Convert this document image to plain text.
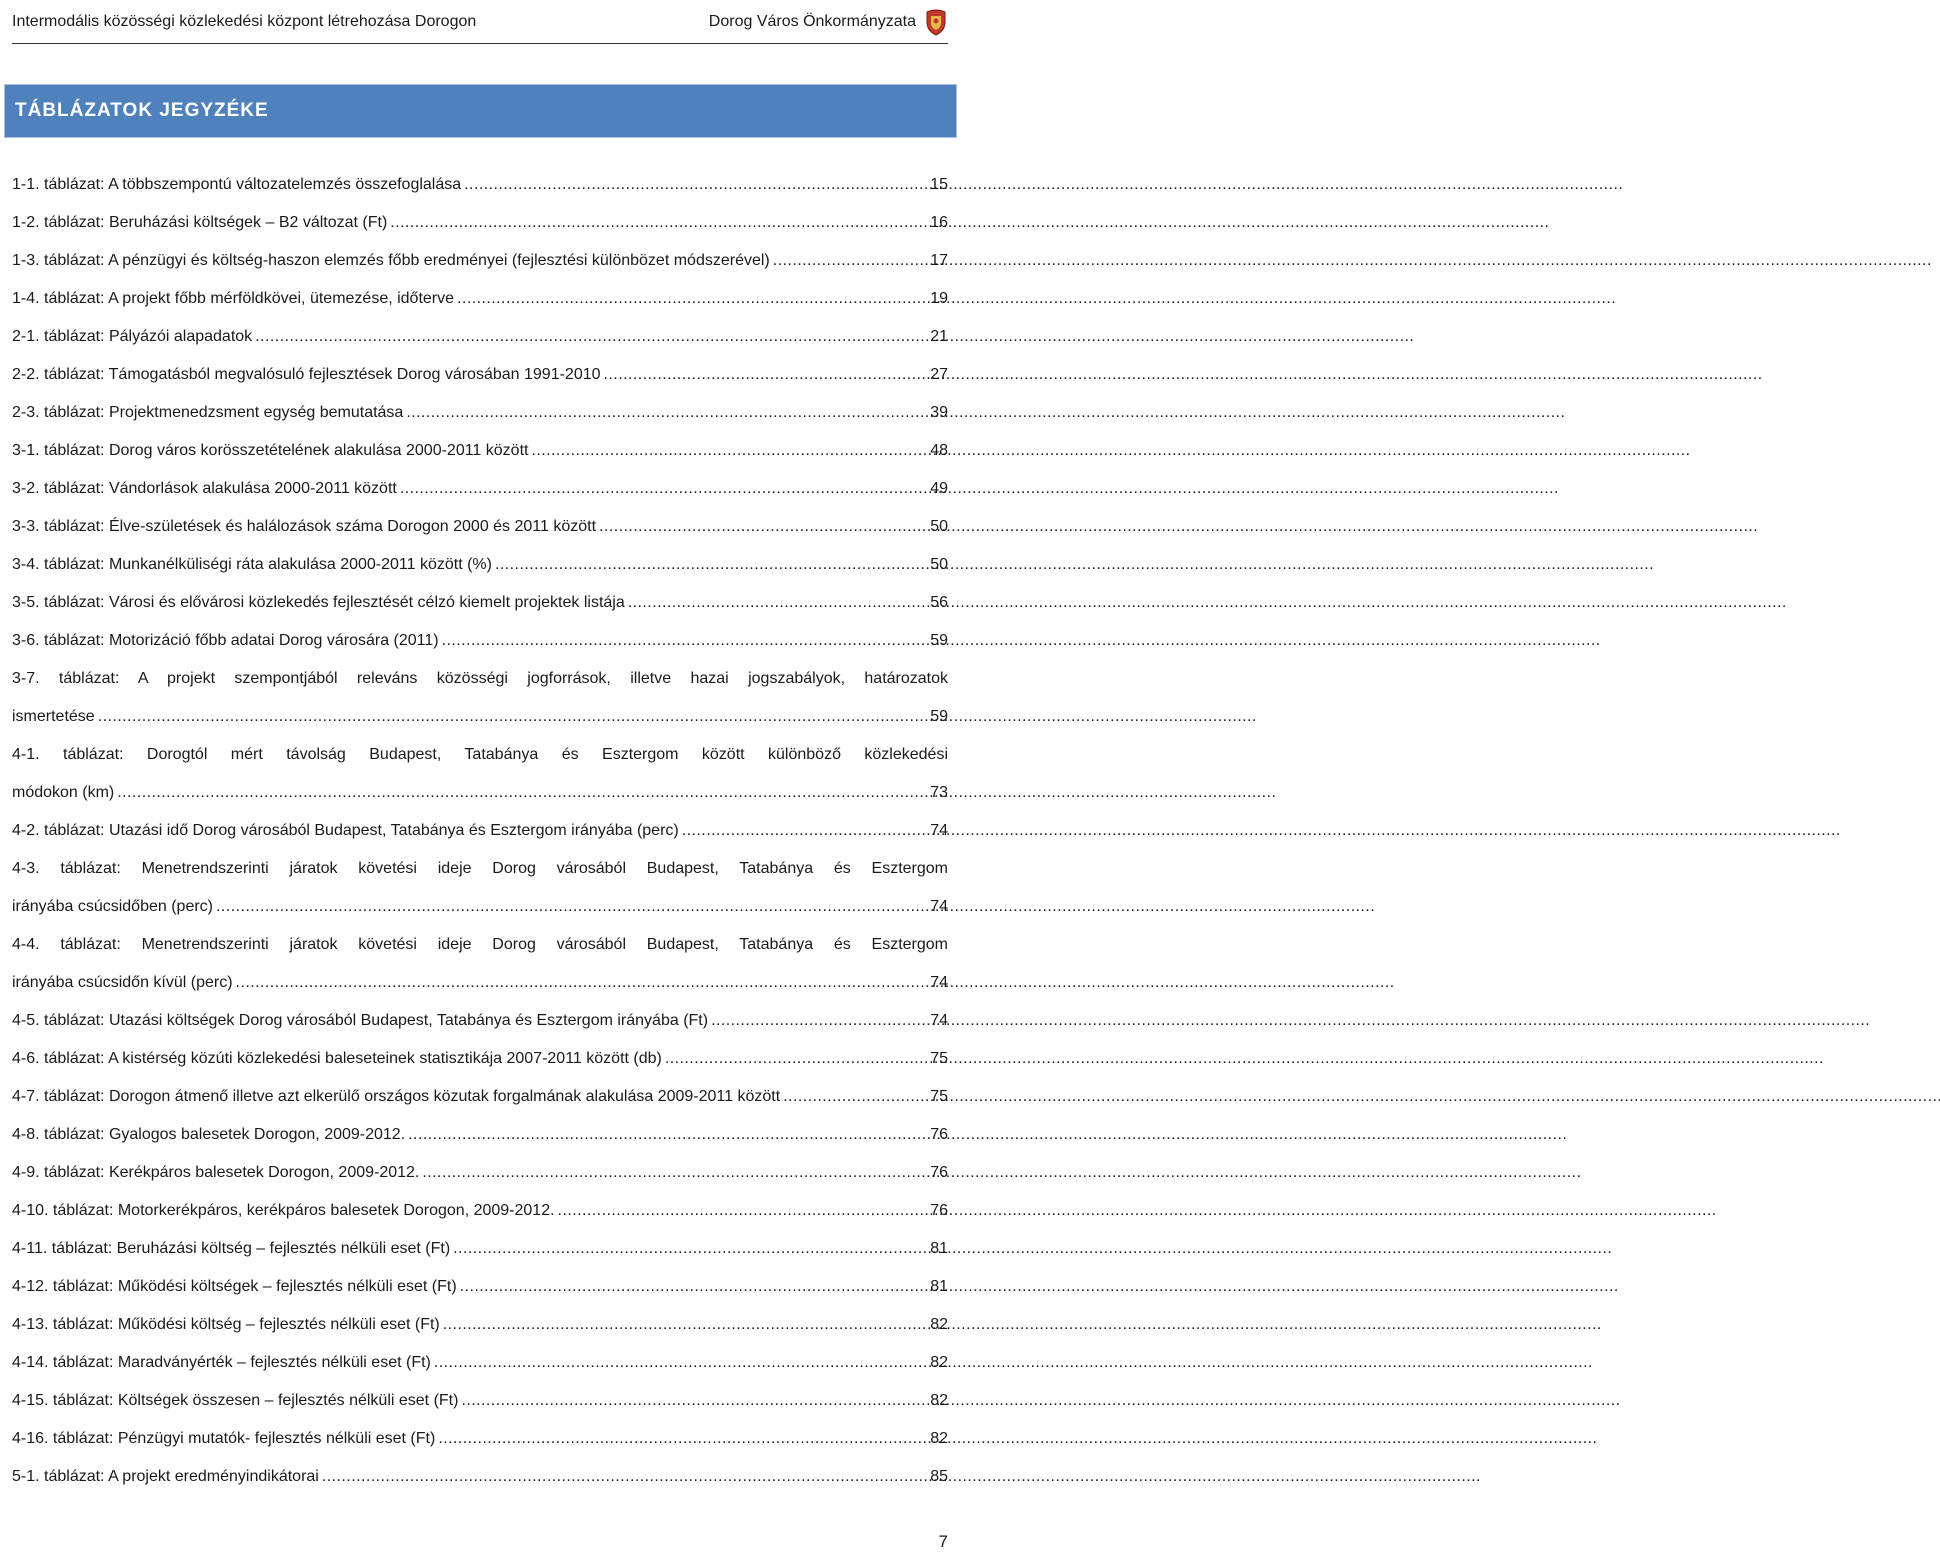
Intermodális közösségi közlekedési központ létrehozása Dorogon	Dorog Város Önkormányzata
TÁBLÁZATOK JEGYZÉKE
1-1. táblázat: A többszempontú változatelemzés összefoglalása . . .	15
1-2. táblázat: Beruházási költségek – B2 változat (Ft) . . .	16
1-3. táblázat: A pénzügyi és költség-haszon elemzés főbb eredményei (fejlesztési különbözet módszerével) . . .	17
1-4. táblázat: A projekt főbb mérföldkövei, ütemezése, időterve . . .	19
2-1. táblázat: Pályázói alapadatok . . .	21
2-2. táblázat: Támogatásból megvalósuló fejlesztések Dorog városában 1991-2010 . . .	27
2-3. táblázat: Projektmenedzsment egység bemutatása . . .	39
3-1. táblázat: Dorog város korösszetételének alakulása 2000-2011 között . . .	48
3-2. táblázat: Vándorlások alakulása 2000-2011 között . . .	49
3-3. táblázat: Élve-születések és halálozások száma Dorogon 2000 és 2011 között . . .	50
3-4. táblázat: Munkanélküliségi ráta alakulása 2000-2011 között (%) . . .	50
3-5. táblázat: Városi és elővárosi közlekedés fejlesztését célzó kiemelt projektek listája . . .	56
3-6. táblázat: Motorizáció főbb adatai Dorog városára (2011) . . .	59
3-7. táblázat: A projekt szempontjából releváns közösségi jogforrások, illetve hazai jogszabályok, határozatok
ismertetése . . .	59
4-1. táblázat: Dorogtól mért távolság Budapest, Tatabánya és Esztergom között különböző közlekedési
módokon (km) . . .	73
4-2. táblázat: Utazási idő Dorog városából Budapest, Tatabánya és Esztergom irányába (perc) . . .	74
4-3. táblázat: Menetrendszerinti járatok követési ideje Dorog városából Budapest, Tatabánya és Esztergom
irányába csúcsidőben (perc) . . .	74
4-4. táblázat: Menetrendszerinti járatok követési ideje Dorog városából Budapest, Tatabánya és Esztergom
irányába csúcsidőn kívül (perc) . . .	74
4-5. táblázat: Utazási költségek Dorog városából Budapest, Tatabánya és Esztergom irányába (Ft) . . .	74
4-6. táblázat: A kistérség közúti közlekedési baleseteinek statisztikája 2007-2011 között (db) . . .	75
4-7. táblázat: Dorogon átmenő illetve azt elkerülő országos közutak forgalmának alakulása 2009-2011 között . . .	75
4-8. táblázat: Gyalogos balesetek Dorogon, 2009-2012. . . .	76
4-9. táblázat: Kerékpáros balesetek Dorogon, 2009-2012. . . .	76
4-10. táblázat: Motorkerékpáros, kerékpáros balesetek Dorogon, 2009-2012. . . .	76
4-11. táblázat: Beruházási költség – fejlesztés nélküli eset (Ft) . . .	81
4-12. táblázat: Működési költségek – fejlesztés nélküli eset (Ft) . . .	81
4-13. táblázat: Működési költség – fejlesztés nélküli eset (Ft) . . .	82
4-14. táblázat: Maradványérték – fejlesztés nélküli eset (Ft) . . .	82
4-15. táblázat: Költségek összesen – fejlesztés nélküli eset (Ft) . . .	82
4-16. táblázat: Pénzügyi mutatók- fejlesztés nélküli eset (Ft) . . .	82
5-1. táblázat: A projekt eredményindikátorai . . .	85
7
